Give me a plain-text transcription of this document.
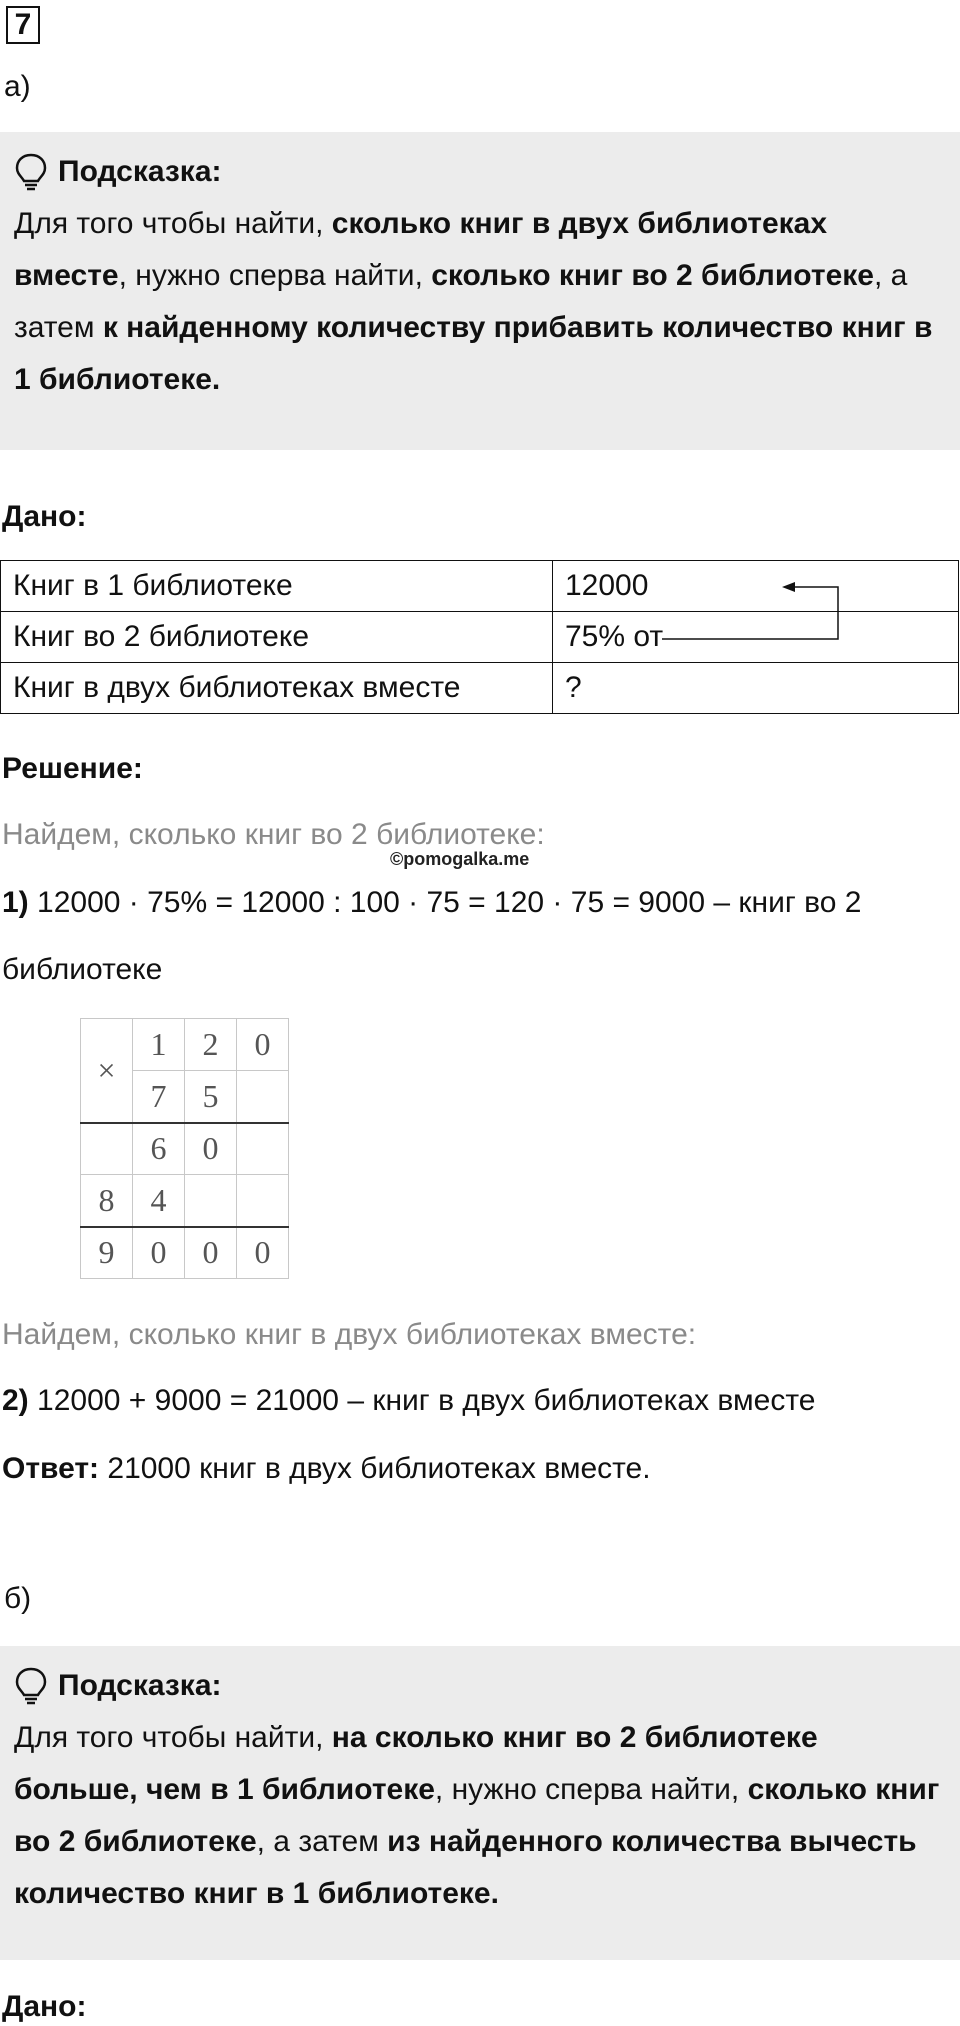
7
а)
Подсказка:
Для того чтобы найти, сколько книг в двух библиотеках вместе, нужно сперва найти, сколько книг во 2 библиотеке, а затем к найденному количеству прибавить количество книг в 1 библиотеке.
Дано:
Книг в 1 библиотеке	12000
Книг во 2 библиотеке	75% от
Книг в двух библиотеках вместе	?
Решение:
Найдем, сколько книг во 2 библиотеке:
©pomogalka.me
1) 12000 · 75% = 12000 : 100 · 75 = 120 · 75 = 9000 – книг во 2
библиотеке
×	1	2	0
	7	5	
	6	0	
8	4		
9	0	0	0
Найдем, сколько книг в двух библиотеках вместе:
2) 12000 + 9000 = 21000 – книг в двух библиотеках вместе
Ответ: 21000 книг в двух библиотеках вместе.
б)
Подсказка:
Для того чтобы найти, на сколько книг во 2 библиотеке больше, чем в 1 библиотеке, нужно сперва найти, сколько книг во 2 библиотеке, а затем из найденного количества вычесть количество книг в 1 библиотеке.
Дано:
